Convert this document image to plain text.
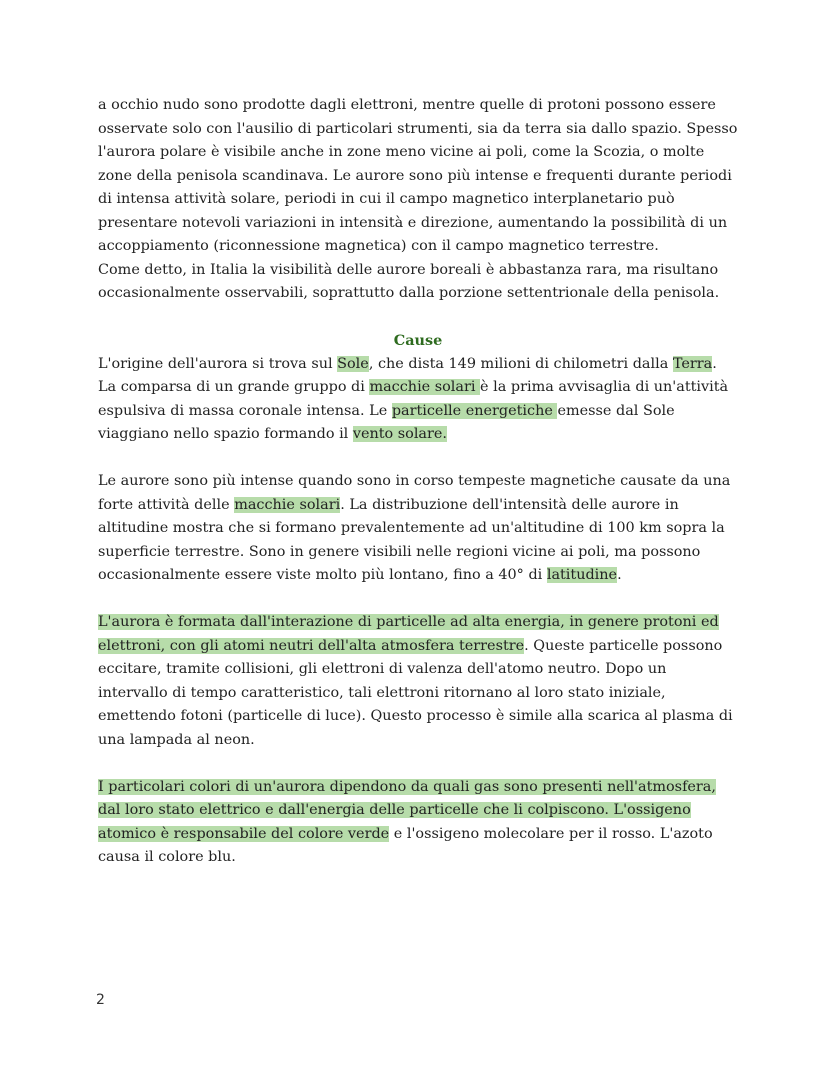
a occhio nudo sono prodotte dagli elettroni, mentre quelle di protoni possono essere osservate solo con l'ausilio di particolari strumenti, sia da terra sia dallo spazio. Spesso l'aurora polare è visibile anche in zone meno vicine ai poli, come la Scozia, o molte zone della penisola scandinava. Le aurore sono più intense e frequenti durante periodi di intensa attività solare, periodi in cui il campo magnetico interplanetario può presentare notevoli variazioni in intensità e direzione, aumentando la possibilità di un accoppiamento (riconnessione magnetica) con il campo magnetico terrestre.
Come detto, in Italia la visibilità delle aurore boreali è abbastanza rara, ma risultano occasionalmente osservabili, soprattutto dalla porzione settentrionale della penisola.

Cause

L'origine dell'aurora si trova sul Sole, che dista 149 milioni di chilometri dalla Terra. La comparsa di un grande gruppo di macchie solari è la prima avvisaglia di un'attività espulsiva di massa coronale intensa. Le particelle energetiche emesse dal Sole viaggiano nello spazio formando il vento solare.

Le aurore sono più intense quando sono in corso tempeste magnetiche causate da una forte attività delle macchie solari. La distribuzione dell'intensità delle aurore in altitudine mostra che si formano prevalentemente ad un'altitudine di 100 km sopra la superficie terrestre. Sono in genere visibili nelle regioni vicine ai poli, ma possono occasionalmente essere viste molto più lontano, fino a 40° di latitudine.

L'aurora è formata dall'interazione di particelle ad alta energia, in genere protoni ed elettroni, con gli atomi neutri dell'alta atmosfera terrestre. Queste particelle possono eccitare, tramite collisioni, gli elettroni di valenza dell'atomo neutro. Dopo un intervallo di tempo caratteristico, tali elettroni ritornano al loro stato iniziale, emettendo fotoni (particelle di luce). Questo processo è simile alla scarica al plasma di una lampada al neon.

I particolari colori di un'aurora dipendono da quali gas sono presenti nell'atmosfera, dal loro stato elettrico e dall'energia delle particelle che li colpiscono. L'ossigeno atomico è responsabile del colore verde e l'ossigeno molecolare per il rosso. L'azoto causa il colore blu.

2
